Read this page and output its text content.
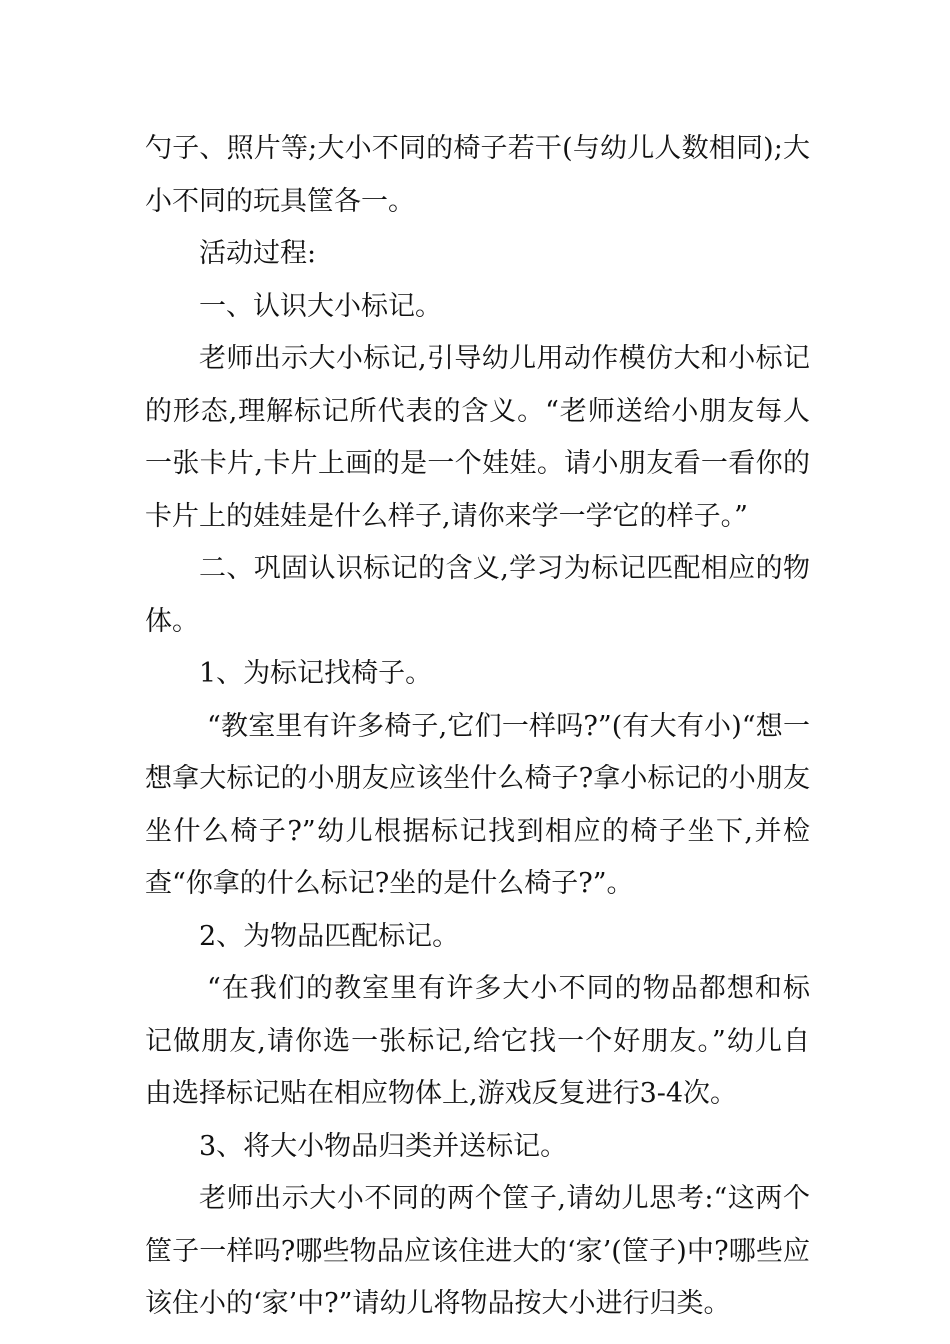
勺子、照片等;大小不同的椅子若干(与幼儿人数相同);大小不同的玩具筐各一。

活动过程:

一、认识大小标记。

老师出示大小标记,引导幼儿用动作模仿大和小标记的形态,理解标记所代表的含义。“老师送给小朋友每人一张卡片,卡片上画的是一个娃娃。请小朋友看一看你的卡片上的娃娃是什么样子,请你来学一学它的样子。”

二、巩固认识标记的含义,学习为标记匹配相应的物体。

1、为标记找椅子。

“教室里有许多椅子,它们一样吗?”(有大有小)“想一想拿大标记的小朋友应该坐什么椅子?拿小标记的小朋友坐什么椅子?”幼儿根据标记找到相应的椅子坐下,并检查“你拿的什么标记?坐的是什么椅子?”。

2、为物品匹配标记。

“在我们的教室里有许多大小不同的物品都想和标记做朋友,请你选一张标记,给它找一个好朋友。”幼儿自由选择标记贴在相应物体上,游戏反复进行3-4次。

3、将大小物品归类并送标记。

老师出示大小不同的两个筐子,请幼儿思考:“这两个筐子一样吗?哪些物品应该住进大的‘家’(筐子)中?哪些应该住小的‘家’中?”请幼儿将物品按大小进行归类。
